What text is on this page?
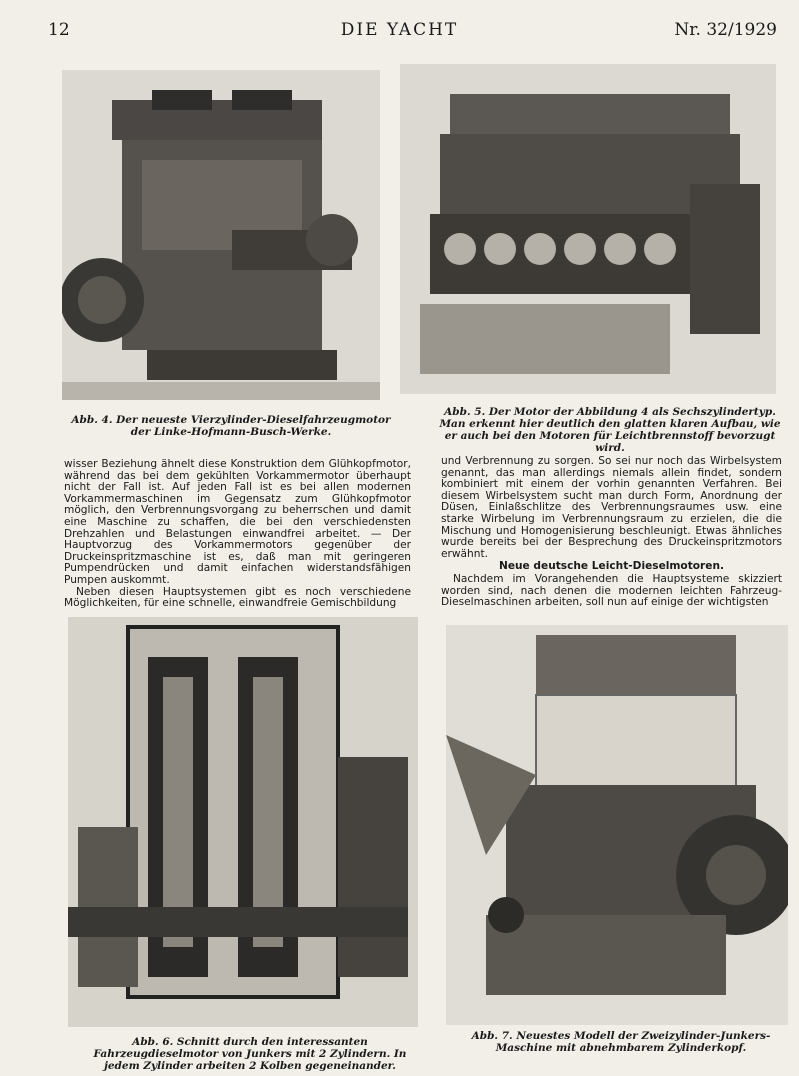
12	DIE YACHT	Nr. 32/1929
Abb. 4. Der neueste Vierzylinder-Dieselfahrzeugmotor der Linke-Hofmann-Busch-Werke.
Abb. 5. Der Motor der Abbildung 4 als Sechszylindertyp. Man erkennt hier deutlich den glatten klaren Aufbau, wie er auch bei den Motoren für Leichtbrennstoff bevorzugt wird.

wisser Beziehung ähnelt diese Konstruktion dem Glühkopfmotor, während das bei dem gekühlten Vorkammermotor überhaupt nicht der Fall ist. Auf jeden Fall ist es bei allen modernen Vorkammermaschinen im Gegensatz zum Glühkopfmotor möglich, den Verbrennungsvorgang zu beherrschen und damit eine Maschine zu schaffen, die bei den verschiedensten Drehzahlen und Belastungen einwandfrei arbeitet. — Der Hauptvorzug des Vorkammermotors gegenüber der Druckeinspritzmaschine ist es, daß man mit geringeren Pumpendrücken und damit einfachen widerstandsfähigen Pumpen auskommt.

Neben diesen Hauptsystemen gibt es noch verschiedene Möglichkeiten, für eine schnelle, einwandfreie Gemischbildung

und Verbrennung zu sorgen. So sei nur noch das Wirbelsystem genannt, das man allerdings niemals allein findet, sondern kombiniert mit einem der vorhin genannten Verfahren. Bei diesem Wirbelsystem sucht man durch Form, Anordnung der Düsen, Einlaßschlitze des Verbrennungsraumes usw. eine starke Wirbelung im Verbrennungsraum zu erzielen, die die Mischung und Homogenisierung beschleunigt. Etwas ähnliches wurde bereits bei der Besprechung des Druckeinspritzmotors erwähnt.

Neue deutsche Leicht-Dieselmotoren.

Nachdem im Vorangehenden die Hauptsysteme skizziert worden sind, nach denen die modernen leichten Fahrzeug-Dieselmaschinen arbeiten, soll nun auf einige der wichtigsten

Abb. 6. Schnitt durch den interessanten Fahrzeugdieselmotor von Junkers mit 2 Zylindern. In jedem Zylinder arbeiten 2 Kolben gegeneinander.
Abb. 7. Neuestes Modell der Zweizylinder-Junkers-Maschine mit abnehmbarem Zylinderkopf.
